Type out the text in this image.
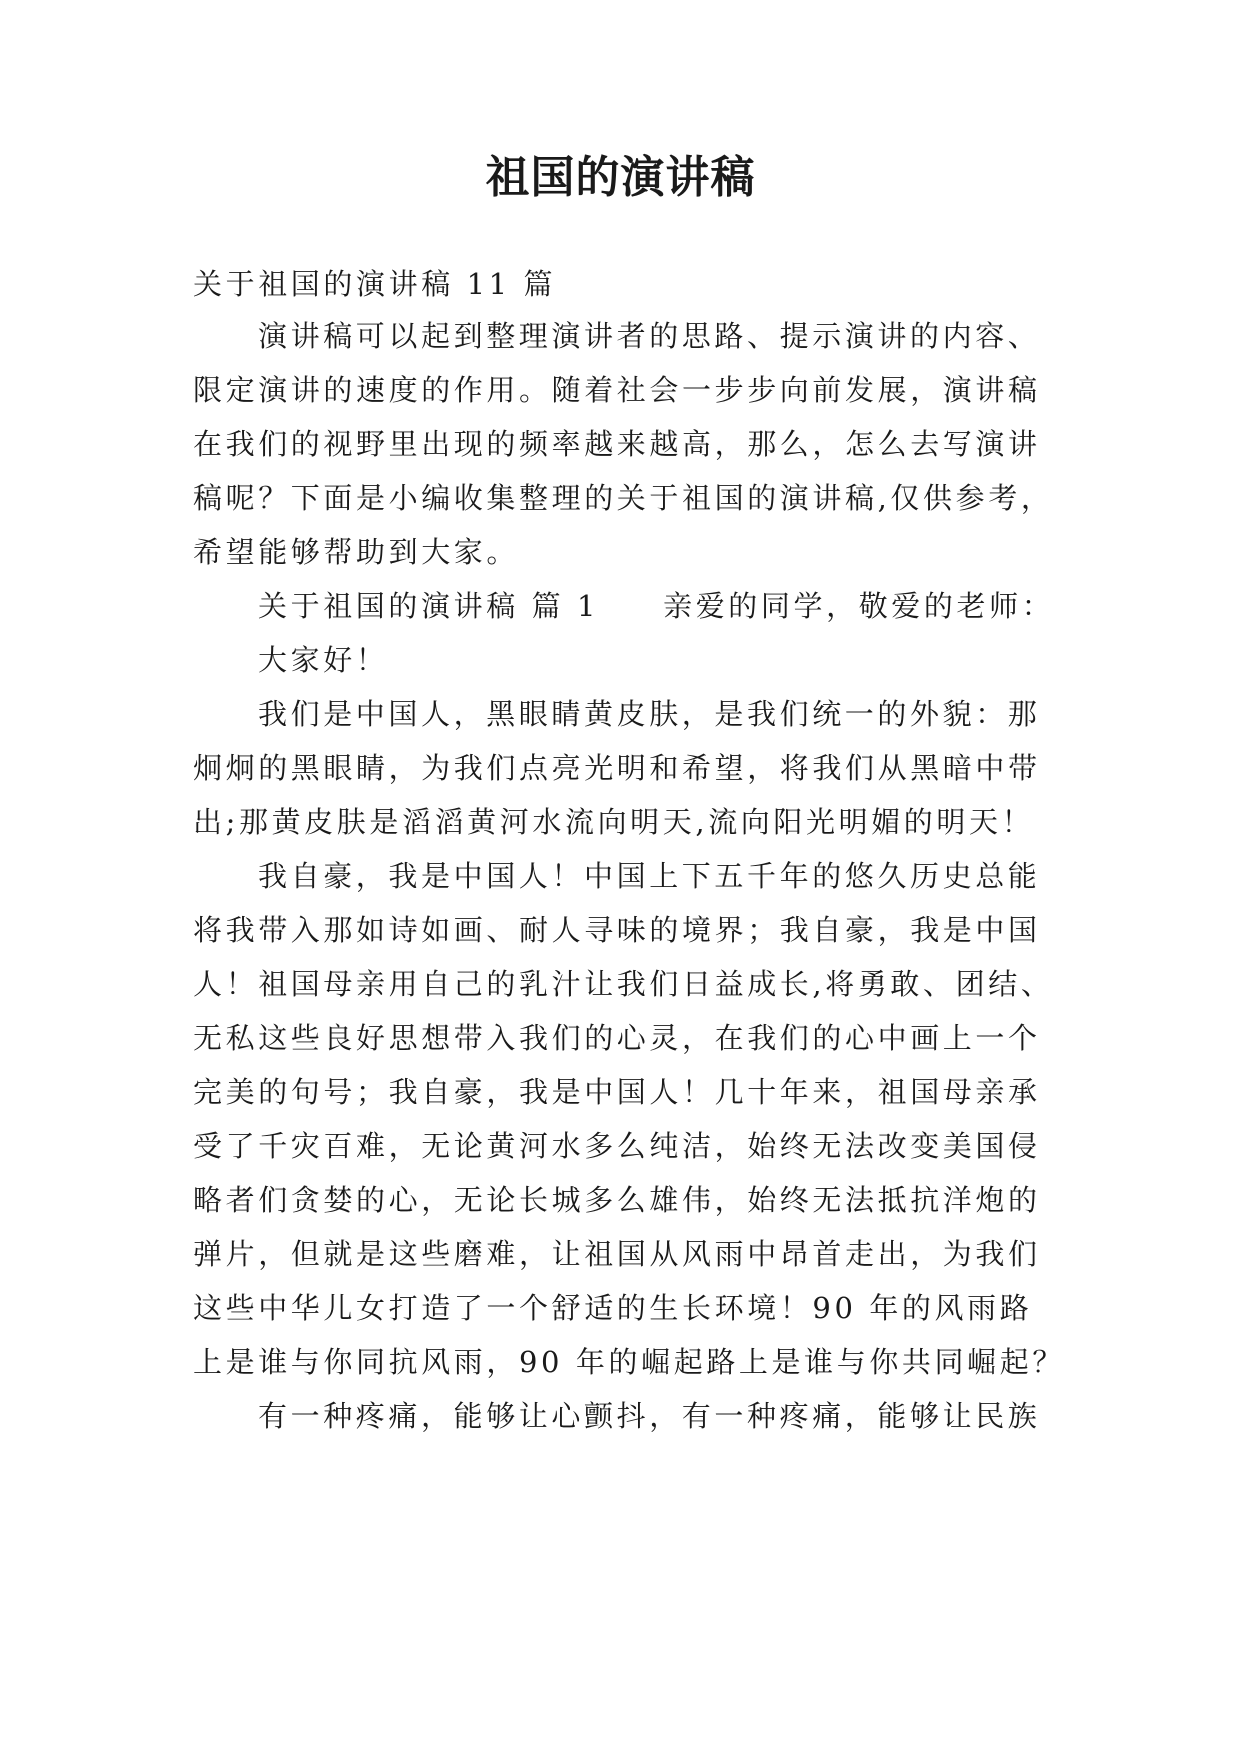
祖国的演讲稿
关于祖国的演讲稿 11 篇
演讲稿可以起到整理演讲者的思路、提示演讲的内容、
限定演讲的速度的作用。随着社会一步步向前发展，演讲稿
在我们的视野里出现的频率越来越高，那么，怎么去写演讲
稿呢？下面是小编收集整理的关于祖国的演讲稿,仅供参考，
希望能够帮助到大家。
关于祖国的演讲稿 篇 1 亲爱的同学，敬爱的老师：
大家好！
我们是中国人，黑眼睛黄皮肤，是我们统一的外貌：那
炯炯的黑眼睛，为我们点亮光明和希望，将我们从黑暗中带
出;那黄皮肤是滔滔黄河水流向明天,流向阳光明媚的明天！
我自豪，我是中国人！中国上下五千年的悠久历史总能
将我带入那如诗如画、耐人寻味的境界；我自豪，我是中国
人！祖国母亲用自己的乳汁让我们日益成长,将勇敢、团结、
无私这些良好思想带入我们的心灵，在我们的心中画上一个
完美的句号；我自豪，我是中国人！几十年来，祖国母亲承
受了千灾百难，无论黄河水多么纯洁，始终无法改变美国侵
略者们贪婪的心，无论长城多么雄伟，始终无法抵抗洋炮的
弹片，但就是这些磨难，让祖国从风雨中昂首走出，为我们
这些中华儿女打造了一个舒适的生长环境！90 年的风雨路
上是谁与你同抗风雨，90 年的崛起路上是谁与你共同崛起？
有一种疼痛，能够让心颤抖，有一种疼痛，能够让民族
